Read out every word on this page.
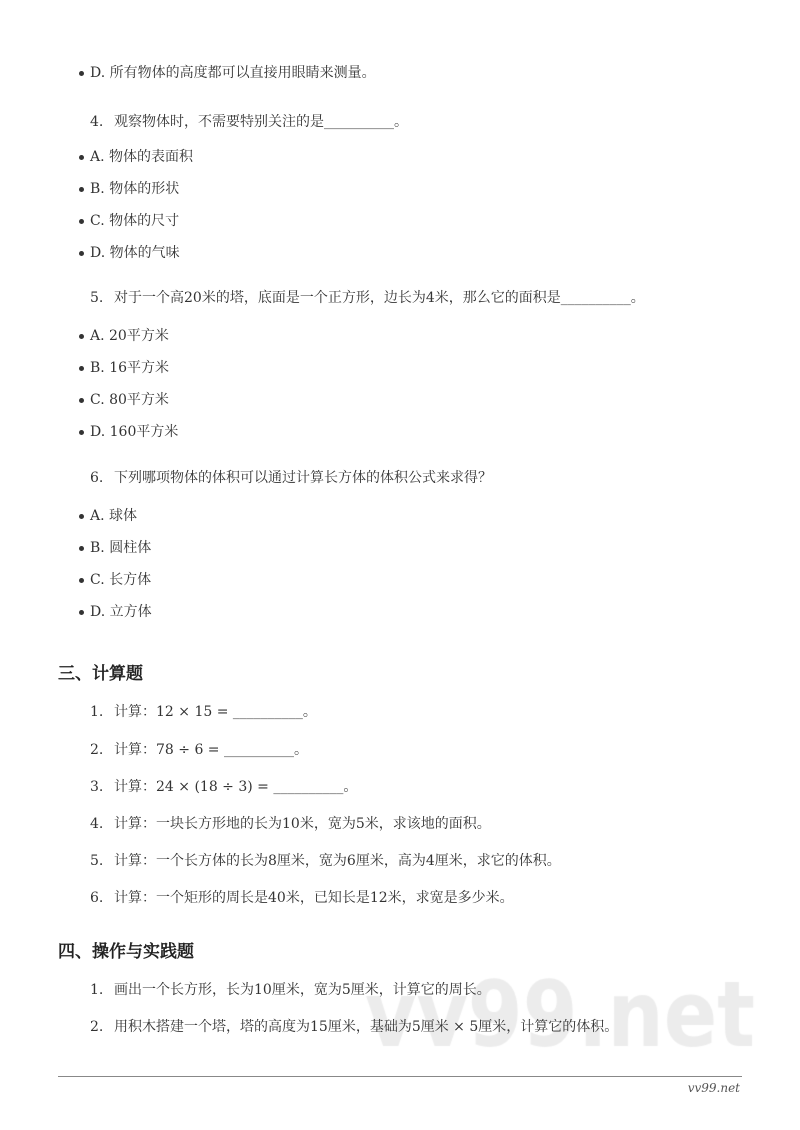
D. 所有物体的高度都可以直接用眼睛来测量。
4. 观察物体时，不需要特别关注的是__________。
A. 物体的表面积
B. 物体的形状
C. 物体的尺寸
D. 物体的气味
5. 对于一个高20米的塔，底面是一个正方形，边长为4米，那么它的面积是__________。
A. 20平方米
B. 16平方米
C. 80平方米
D. 160平方米
6. 下列哪项物体的体积可以通过计算长方体的体积公式来求得？
A. 球体
B. 圆柱体
C. 长方体
D. 立方体
三、计算题
1. 计算：12 × 15 = __________。
2. 计算：78 ÷ 6 = __________。
3. 计算：24 × (18 ÷ 3) = __________。
4. 计算：一块长方形地的长为10米，宽为5米，求该地的面积。
5. 计算：一个长方体的长为8厘米，宽为6厘米，高为4厘米，求它的体积。
6. 计算：一个矩形的周长是40米，已知长是12米，求宽是多少米。
四、操作与实践题
1. 画出一个长方形，长为10厘米，宽为5厘米，计算它的周长。
2. 用积木搭建一个塔，塔的高度为15厘米，基础为5厘米 × 5厘米，计算它的体积。
vv99.net
